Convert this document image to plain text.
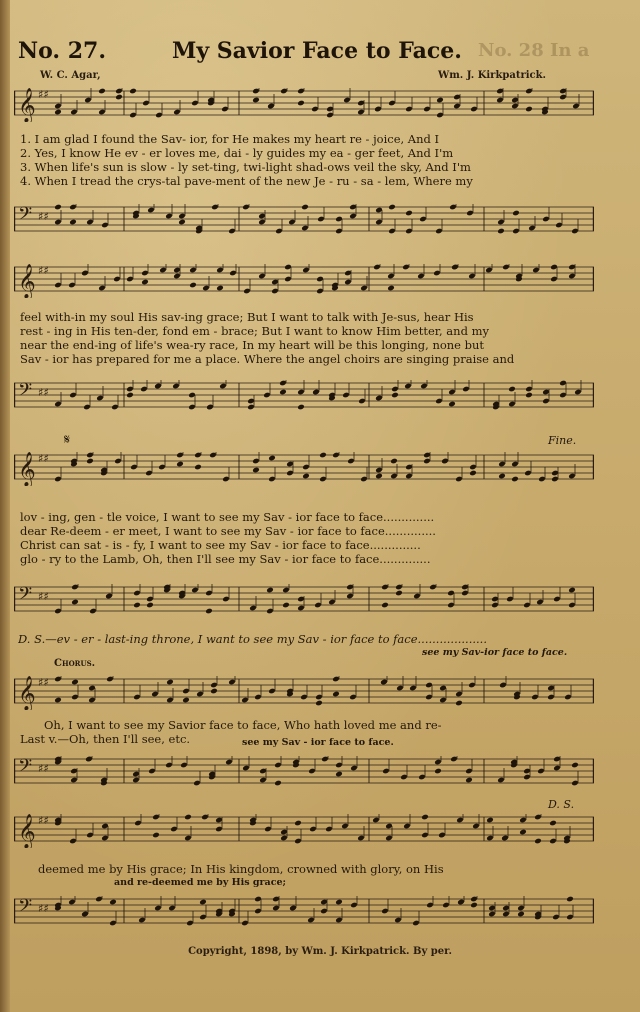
No. 27.	My Savior Face to Face. No. 28 In a
W. C. Agar,	Wm. J. Kirkpatrick.
𝄞 ♯♯
1. I am glad I found the Sav- ior, for He makes my heart re - joice, And I
2. Yes, I know He ev - er loves me, dai - ly guides my ea - ger feet, And I'm
3. When life's sun is slow - ly set-ting, twi-light shad-ows veil the sky, And I'm
4. When I tread the crys-tal pave-ment of the new Je - ru - sa - lem, Where my
𝄢 ♯♯
𝄞 ♯♯
feel with-in my soul His sav-ing grace; But I want to talk with Je-sus, hear His
rest - ing in His ten-der, fond em - brace; But I want to know Him better, and my
near the end-ing of life's wea-ry race, In my heart will be this longing, none but
Sav - ior has prepared for me a place. Where the angel choirs are singing praise and
𝄢 ♯♯
𝄋	Fine.
𝄞 ♯♯
lov - ing, gen - tle voice, I want to see my Sav - ior face to face..............
dear Re-deem - er meet, I want to see my Sav - ior face to face..............
Christ can sat - is - fy, I want to see my Sav - ior face to face..............
glo - ry to the Lamb, Oh, then I'll see my Sav - ior face to face..............
𝄢 ♯♯
D. S.—ev - er - last-ing throne, I want to see my Sav - ior face to face...................
see my Sav-ior face to face.
Chorus.
𝄞 ♯♯
Oh, I want to see my Savior face to face, Who hath loved me and re-
Last v.—Oh, then I'll see, etc.	see my Sav - ior face to face.
𝄢 ♯♯
D. S.
𝄞 ♯♯
deemed me by His grace; In His kingdom, crowned with glory, on His
and re-deemed me by His grace;
𝄢 ♯♯
Copyright, 1898, by Wm. J. Kirkpatrick. By per.
